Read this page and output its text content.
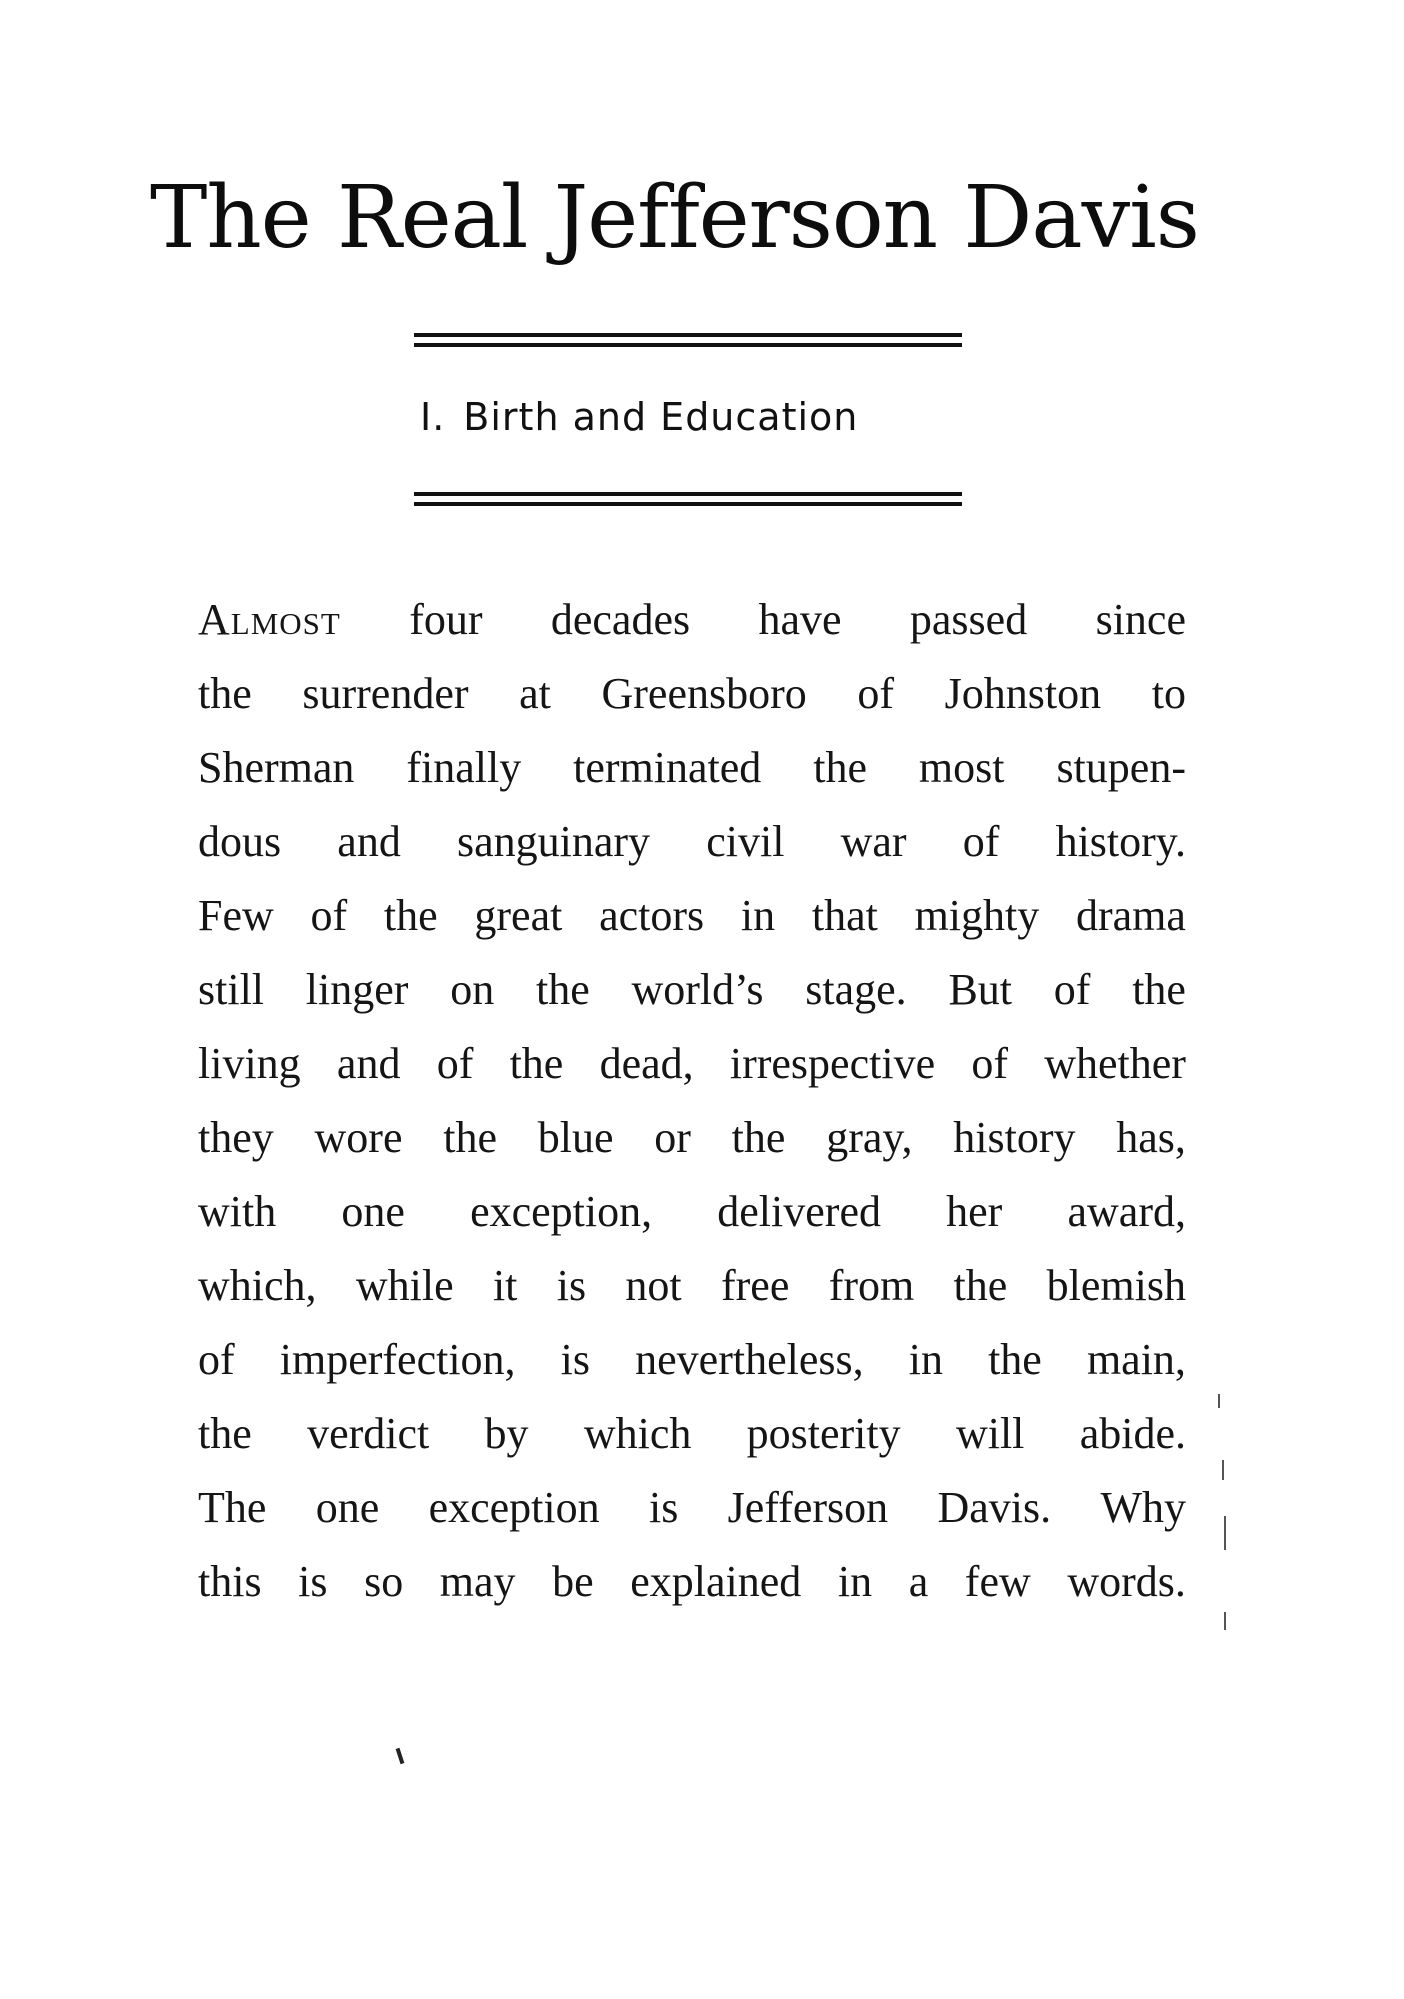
The Real Jefferson Davis
I. Birth and Education
Almost four decades have passed since
the surrender at Greensboro of Johnston to
Sherman finally terminated the most stupen-
dous and sanguinary civil war of history.
Few of the great actors in that mighty drama
still linger on the world’s stage. But of the
living and of the dead, irrespective of whether
they wore the blue or the gray, history has,
with one exception, delivered her award,
which, while it is not free from the blemish
of imperfection, is nevertheless, in the main,
the verdict by which posterity will abide.
The one exception is Jefferson Davis. Why
this is so may be explained in a few words.
